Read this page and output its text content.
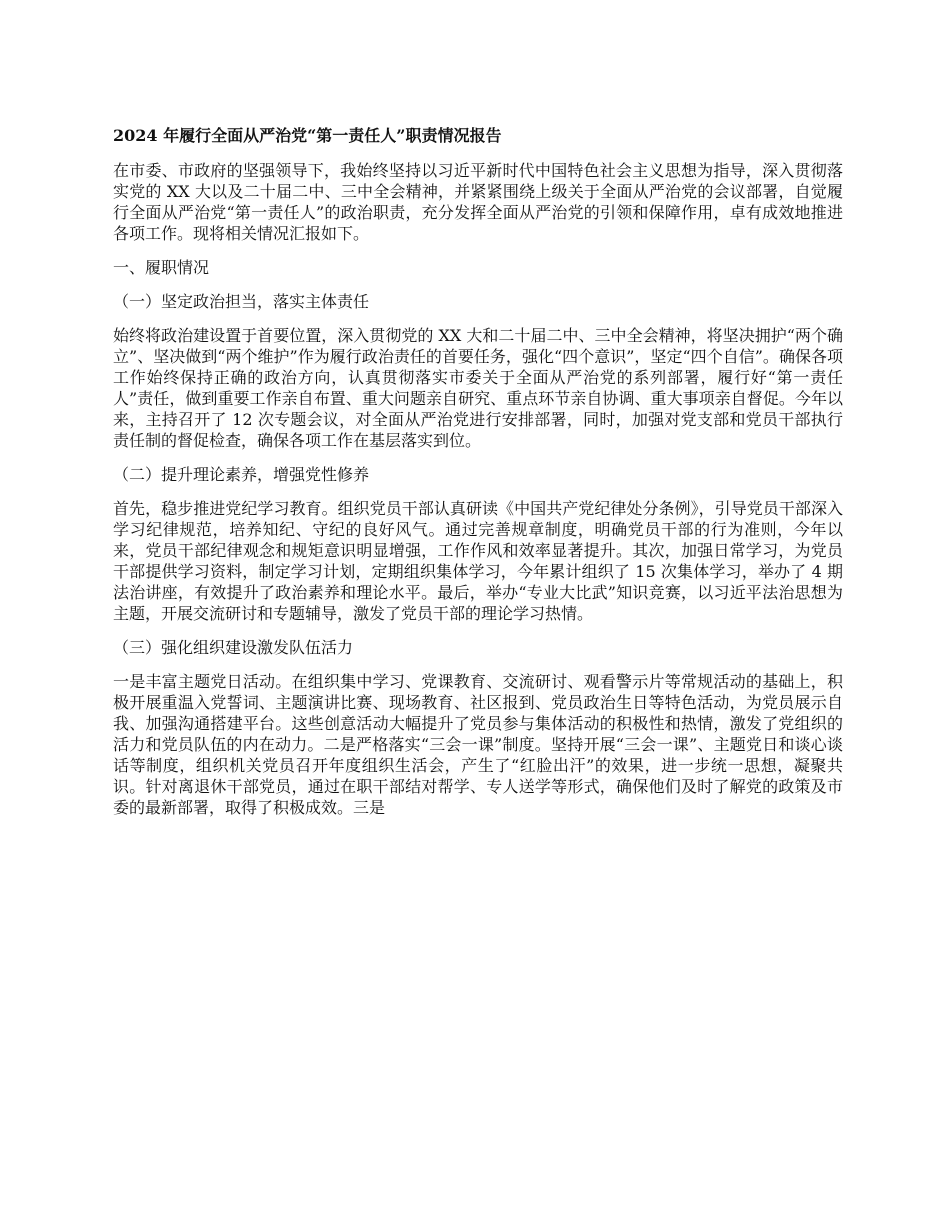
2024 年履行全面从严治党“第一责任人”职责情况报告

在市委、市政府的坚强领导下，我始终坚持以习近平新时代中国特色社会主义思想为指导，深入贯彻落实党的 XX 大以及二十届二中、三中全会精神，并紧紧围绕上级关于全面从严治党的会议部署，自觉履行全面从严治党“第一责任人”的政治职责，充分发挥全面从严治党的引领和保障作用，卓有成效地推进各项工作。现将相关情况汇报如下。

一、履职情况

（一）坚定政治担当，落实主体责任

始终将政治建设置于首要位置，深入贯彻党的 XX 大和二十届二中、三中全会精神，将坚决拥护“两个确立”、坚决做到“两个维护”作为履行政治责任的首要任务，强化“四个意识”，坚定“四个自信”。确保各项工作始终保持正确的政治方向，认真贯彻落实市委关于全面从严治党的系列部署，履行好“第一责任人”责任，做到重要工作亲自布置、重大问题亲自研究、重点环节亲自协调、重大事项亲自督促。今年以来，主持召开了 12 次专题会议，对全面从严治党进行安排部署，同时，加强对党支部和党员干部执行责任制的督促检查，确保各项工作在基层落实到位。

（二）提升理论素养，增强党性修养

首先，稳步推进党纪学习教育。组织党员干部认真研读《中国共产党纪律处分条例》，引导党员干部深入学习纪律规范，培养知纪、守纪的良好风气。通过完善规章制度，明确党员干部的行为准则，今年以来，党员干部纪律观念和规矩意识明显增强，工作作风和效率显著提升。其次，加强日常学习，为党员干部提供学习资料，制定学习计划，定期组织集体学习，今年累计组织了 15 次集体学习，举办了 4 期法治讲座，有效提升了政治素养和理论水平。最后，举办“专业大比武”知识竞赛，以习近平法治思想为主题，开展交流研讨和专题辅导，激发了党员干部的理论学习热情。

（三）强化组织建设激发队伍活力

一是丰富主题党日活动。在组织集中学习、党课教育、交流研讨、观看警示片等常规活动的基础上，积极开展重温入党誓词、主题演讲比赛、现场教育、社区报到、党员政治生日等特色活动，为党员展示自我、加强沟通搭建平台。这些创意活动大幅提升了党员参与集体活动的积极性和热情，激发了党组织的活力和党员队伍的内在动力。二是严格落实“三会一课”制度。坚持开展“三会一课”、主题党日和谈心谈话等制度，组织机关党员召开年度组织生活会，产生了“红脸出汗”的效果，进一步统一思想，凝聚共识。针对离退休干部党员，通过在职干部结对帮学、专人送学等形式，确保他们及时了解党的政策及市委的最新部署，取得了积极成效。三是
